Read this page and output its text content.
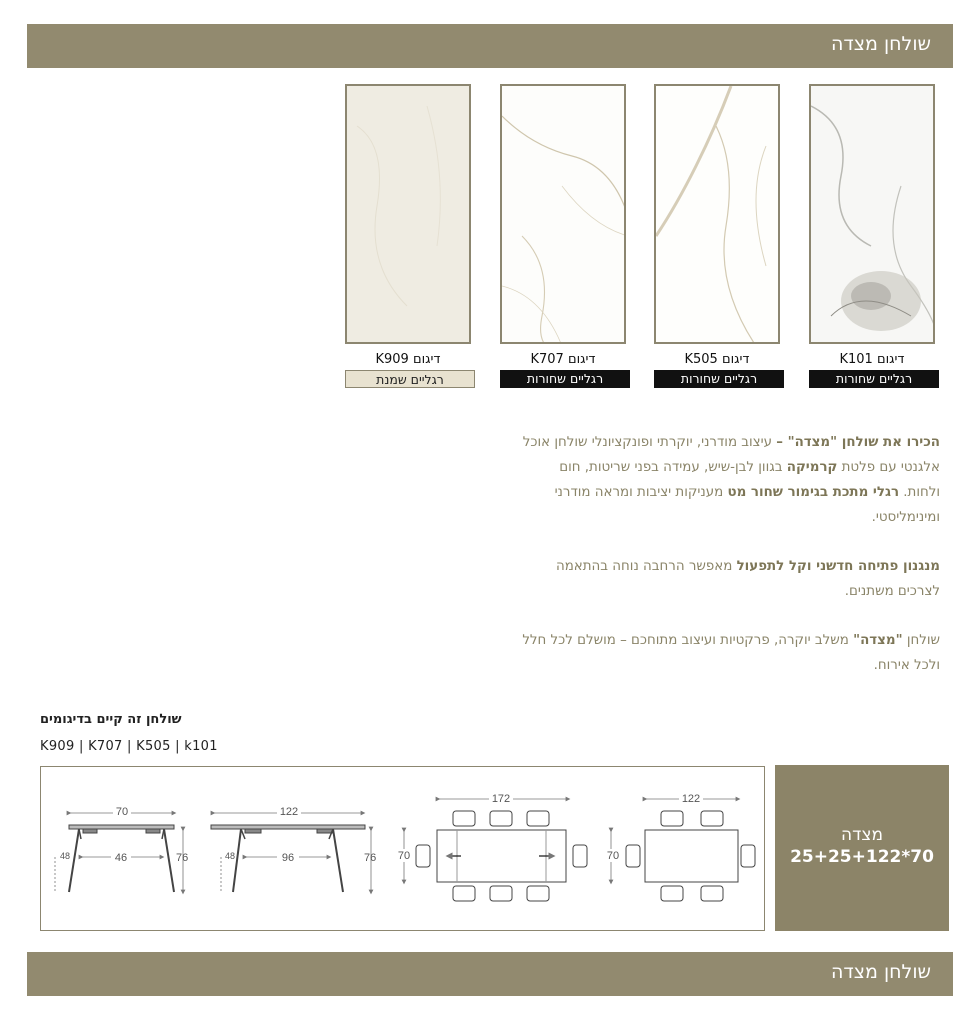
שולחן מצדה
דיגום K909	דיגום K707	דיגום K505	דיגום K101
רגליים שמנת	רגליים שחורות	רגליים שחורות	רגליים שחורות

הכירו את שולחן "מצדה" – עיצוב מודרני, יוקרתי ופונקציונלי שולחן אוכל אלגנטי עם פלטת קרמיקה בגוון לבן-שיש, עמידה בפני שריטות, חום ולחות. רגלי מתכת בגימור שחור מט מעניקות יציבות ומראה מודרני ומינימליסטי.

מנגנון פתיחה חדשני וקל לתפעול מאפשר הרחבה נוחה בהתאמה לצרכים משתנים.

שולחן "מצדה" משלב יוקרה, פרקטיות ועיצוב מתוחכם – מושלם לכל חלל ולכל אירוח.

שולחן זה קיים בדיגומים
K909 | K707 | K505 | k101
70
46	76
48
122
96	76
48
172
70
122
70
מצדה
70*25+25+122
שולחן מצדה
